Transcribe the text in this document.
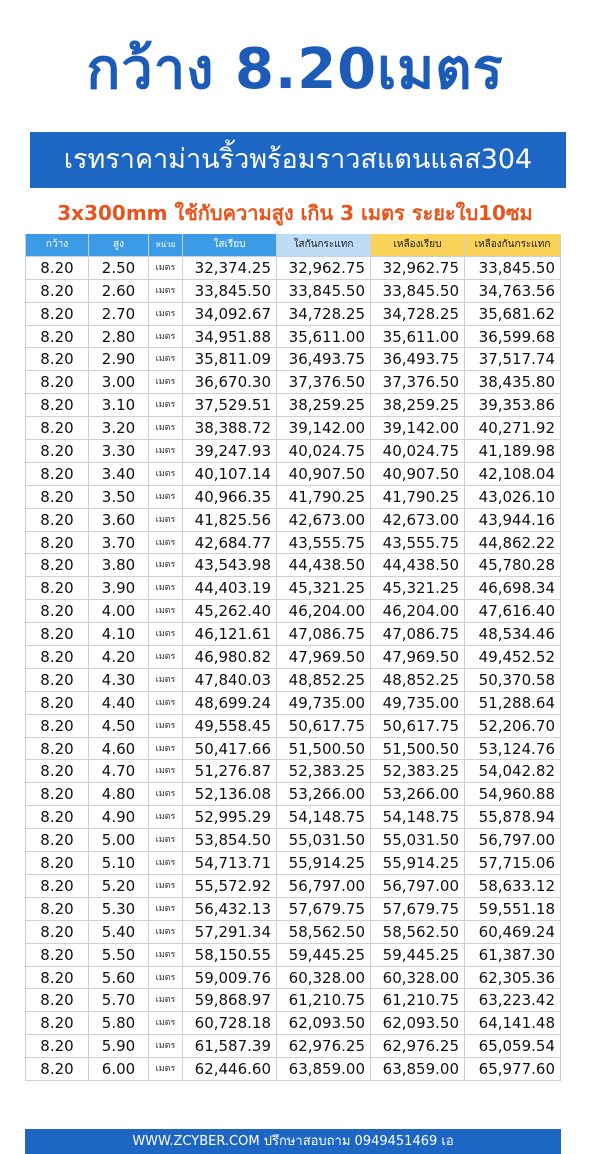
กว้าง 8.20เมตร
เรทราคาม่านริ้วพร้อมราวสแตนแลส304
3x300mm ใช้กับความสูง เกิน 3 เมตร ระยะใบ10ซม
กว้าง	สูง	หน่วย	ใสเรียบ	ใสกันกระแทก	เหลืองเรียบ	เหลืองกันกระแทก
8.20	2.50	เมตร	32,374.25	32,962.75	32,962.75	33,845.50
8.20	2.60	เมตร	33,845.50	33,845.50	33,845.50	34,763.56
8.20	2.70	เมตร	34,092.67	34,728.25	34,728.25	35,681.62
8.20	2.80	เมตร	34,951.88	35,611.00	35,611.00	36,599.68
8.20	2.90	เมตร	35,811.09	36,493.75	36,493.75	37,517.74
8.20	3.00	เมตร	36,670.30	37,376.50	37,376.50	38,435.80
8.20	3.10	เมตร	37,529.51	38,259.25	38,259.25	39,353.86
8.20	3.20	เมตร	38,388.72	39,142.00	39,142.00	40,271.92
8.20	3.30	เมตร	39,247.93	40,024.75	40,024.75	41,189.98
8.20	3.40	เมตร	40,107.14	40,907.50	40,907.50	42,108.04
8.20	3.50	เมตร	40,966.35	41,790.25	41,790.25	43,026.10
8.20	3.60	เมตร	41,825.56	42,673.00	42,673.00	43,944.16
8.20	3.70	เมตร	42,684.77	43,555.75	43,555.75	44,862.22
8.20	3.80	เมตร	43,543.98	44,438.50	44,438.50	45,780.28
8.20	3.90	เมตร	44,403.19	45,321.25	45,321.25	46,698.34
8.20	4.00	เมตร	45,262.40	46,204.00	46,204.00	47,616.40
8.20	4.10	เมตร	46,121.61	47,086.75	47,086.75	48,534.46
8.20	4.20	เมตร	46,980.82	47,969.50	47,969.50	49,452.52
8.20	4.30	เมตร	47,840.03	48,852.25	48,852.25	50,370.58
8.20	4.40	เมตร	48,699.24	49,735.00	49,735.00	51,288.64
8.20	4.50	เมตร	49,558.45	50,617.75	50,617.75	52,206.70
8.20	4.60	เมตร	50,417.66	51,500.50	51,500.50	53,124.76
8.20	4.70	เมตร	51,276.87	52,383.25	52,383.25	54,042.82
8.20	4.80	เมตร	52,136.08	53,266.00	53,266.00	54,960.88
8.20	4.90	เมตร	52,995.29	54,148.75	54,148.75	55,878.94
8.20	5.00	เมตร	53,854.50	55,031.50	55,031.50	56,797.00
8.20	5.10	เมตร	54,713.71	55,914.25	55,914.25	57,715.06
8.20	5.20	เมตร	55,572.92	56,797.00	56,797.00	58,633.12
8.20	5.30	เมตร	56,432.13	57,679.75	57,679.75	59,551.18
8.20	5.40	เมตร	57,291.34	58,562.50	58,562.50	60,469.24
8.20	5.50	เมตร	58,150.55	59,445.25	59,445.25	61,387.30
8.20	5.60	เมตร	59,009.76	60,328.00	60,328.00	62,305.36
8.20	5.70	เมตร	59,868.97	61,210.75	61,210.75	63,223.42
8.20	5.80	เมตร	60,728.18	62,093.50	62,093.50	64,141.48
8.20	5.90	เมตร	61,587.39	62,976.25	62,976.25	65,059.54
8.20	6.00	เมตร	62,446.60	63,859.00	63,859.00	65,977.60
WWW.ZCYBER.COM ปรึกษาสอบถาม 0949451469 เอ
